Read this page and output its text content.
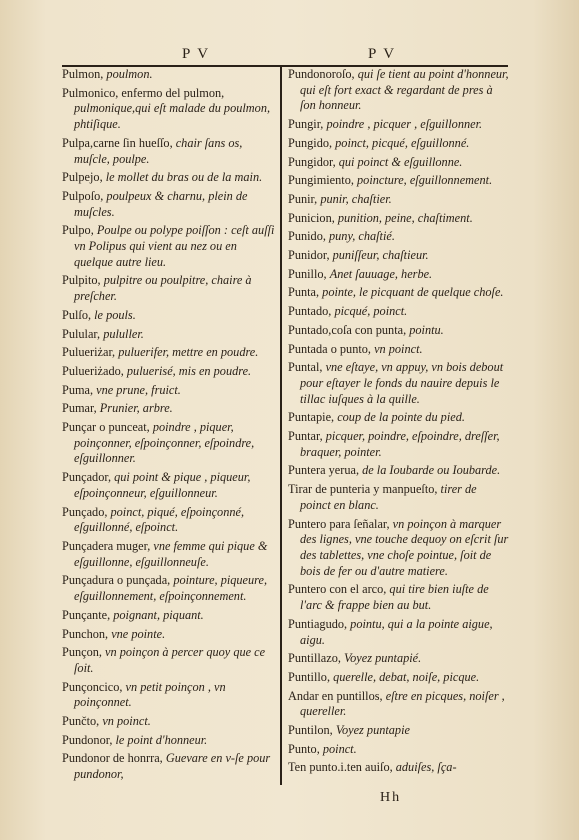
P V	P V

Pulmon, poulmon.

Pulmonico, enfermo del pulmon, pulmonique,qui eſt malade du poulmon, phtiſique.

Pulpa,carne ſin hueſſo, chair ſans os, muſcle, poulpe.

Pulpejo, le mollet du bras ou de la main.

Pulpoſo, poulpeux & charnu, plein de muſcles.

Pulpo, Poulpe ou polype poiſſon : ceſt auſſi vn Polipus qui vient au nez ou en quelque autre lieu.

Pulpito, pulpitre ou poulpitre, chaire à preſcher.

Pulſo, le pouls.

Pulular, pululler.

Pulueriżar, puluerifer, mettre en poudre.

Pulueriżado, puluerisé, mis en poudre.

Puma, vne prune, fruict.

Pumar, Prunier, arbre.

Punçar o punceat, poindre , piquer, poinçonner, eſpoinçonner, eſpoindre, eſguillonner.

Punçador, qui point & pique , piqueur, eſpoinçonneur, eſguillonneur.

Punçado, poinct, piqué, eſpoinçonné, eſguillonné, eſpoinct.

Punçadera muger, vne femme qui pique & eſguillonne, eſguillonneuſe.

Punçadura o punçada, pointure, piqueure, eſguillonnement, eſpoinçonnement.

Punçante, poignant, piquant.

Punchon, vne pointe.

Punçon, vn poinçon à percer quoy que ce ſoit.

Punçoncico, vn petit poinçon , vn poinçonnet.

Punčto, vn poinct.

Pundonor, le point d'honneur.

Pundonor de honrra, Guevare en v-ſe pour pundonor,

Pundonoroſo, qui ſe tient au point d'honneur, qui eſt fort exact & regardant de pres à ſon honneur.

Pungir, poindre , picquer , eſguillonner.

Pungido, poinct, picqué, eſguillonné.

Pungidor, qui poinct & eſguillonne.

Pungimiento, poincture, eſguillonnement.

Punir, punir, chaſtier.

Punicion, punition, peine, chaſtiment.

Punido, puny, chaſtié.

Punidor, puniſſeur, chaſtieur.

Punillo, Anet ſauuage, herbe.

Punta, pointe, le picquant de quelque choſe.

Puntado, picqué, poinct.

Puntado,coſa con punta, pointu.

Puntada o punto, vn poinct.

Puntal, vne eſtaye, vn appuy, vn bois debout pour eſtayer le fonds du nauire depuis le tillac iuſques à la quille.

Puntapie, coup de la pointe du pied.

Puntar, picquer, poindre, eſpoindre, dreſſer, braquer, pointer.

Puntera yerua, de la Ioubarde ou Ioubarde.

Tirar de punteria y manpueſto, tirer de poinct en blanc.

Puntero para ſeñalar, vn poinçon à marquer des lignes, vne touche dequoy on eſcrit ſur des tablettes, vne choſe pointue, ſoit de bois de fer ou d'autre matiere.

Puntero con el arco, qui tire bien iuſte de l'arc & frappe bien au but.

Puntiagudo, pointu, qui a la pointe aigue, aigu.

Puntillazo, Voyez puntapié.

Puntillo, querelle, debat, noiſe, picque.

Andar en puntillos, eſtre en picques, noiſer , quereller.

Puntilon, Voyez puntapie

Punto, poinct.

Ten punto.i.ten auiſo, aduiſes, ſça-

Hh
